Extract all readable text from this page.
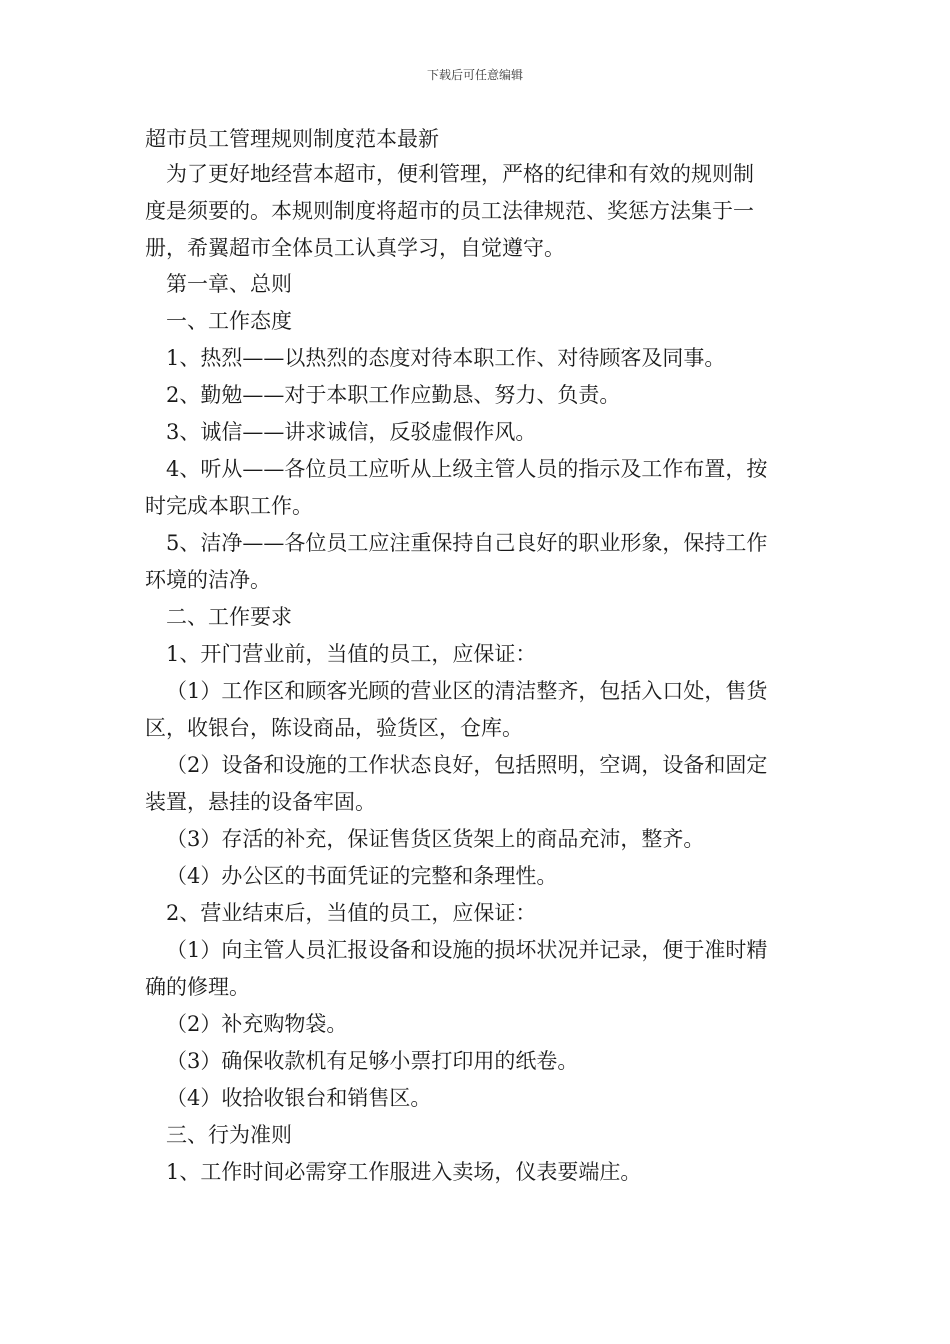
下载后可任意编辑
超市员工管理规则制度范本最新
为了更好地经营本超市，便利管理，严格的纪律和有效的规则制
度是须要的。本规则制度将超市的员工法律规范、奖惩方法集于一
册，希翼超市全体员工认真学习，自觉遵守。
第一章、总则
一、工作态度
1、热烈——以热烈的态度对待本职工作、对待顾客及同事。
2、勤勉——对于本职工作应勤恳、努力、负责。
3、诚信——讲求诚信，反驳虚假作风。
4、听从——各位员工应听从上级主管人员的指示及工作布置，按
时完成本职工作。
5、洁净——各位员工应注重保持自己良好的职业形象，保持工作
环境的洁净。
二、工作要求
1、开门营业前，当值的员工，应保证：
（1）工作区和顾客光顾的营业区的清洁整齐，包括入口处，售货
区，收银台，陈设商品，验货区，仓库。
（2）设备和设施的工作状态良好，包括照明，空调，设备和固定
装置，悬挂的设备牢固。
（3）存活的补充，保证售货区货架上的商品充沛，整齐。
（4）办公区的书面凭证的完整和条理性。
2、营业结束后，当值的员工，应保证：
（1）向主管人员汇报设备和设施的损坏状况并记录，便于准时精
确的修理。
（2）补充购物袋。
（3）确保收款机有足够小票打印用的纸卷。
（4）收拾收银台和销售区。
三、行为准则
1、工作时间必需穿工作服进入卖场，仪表要端庄。
